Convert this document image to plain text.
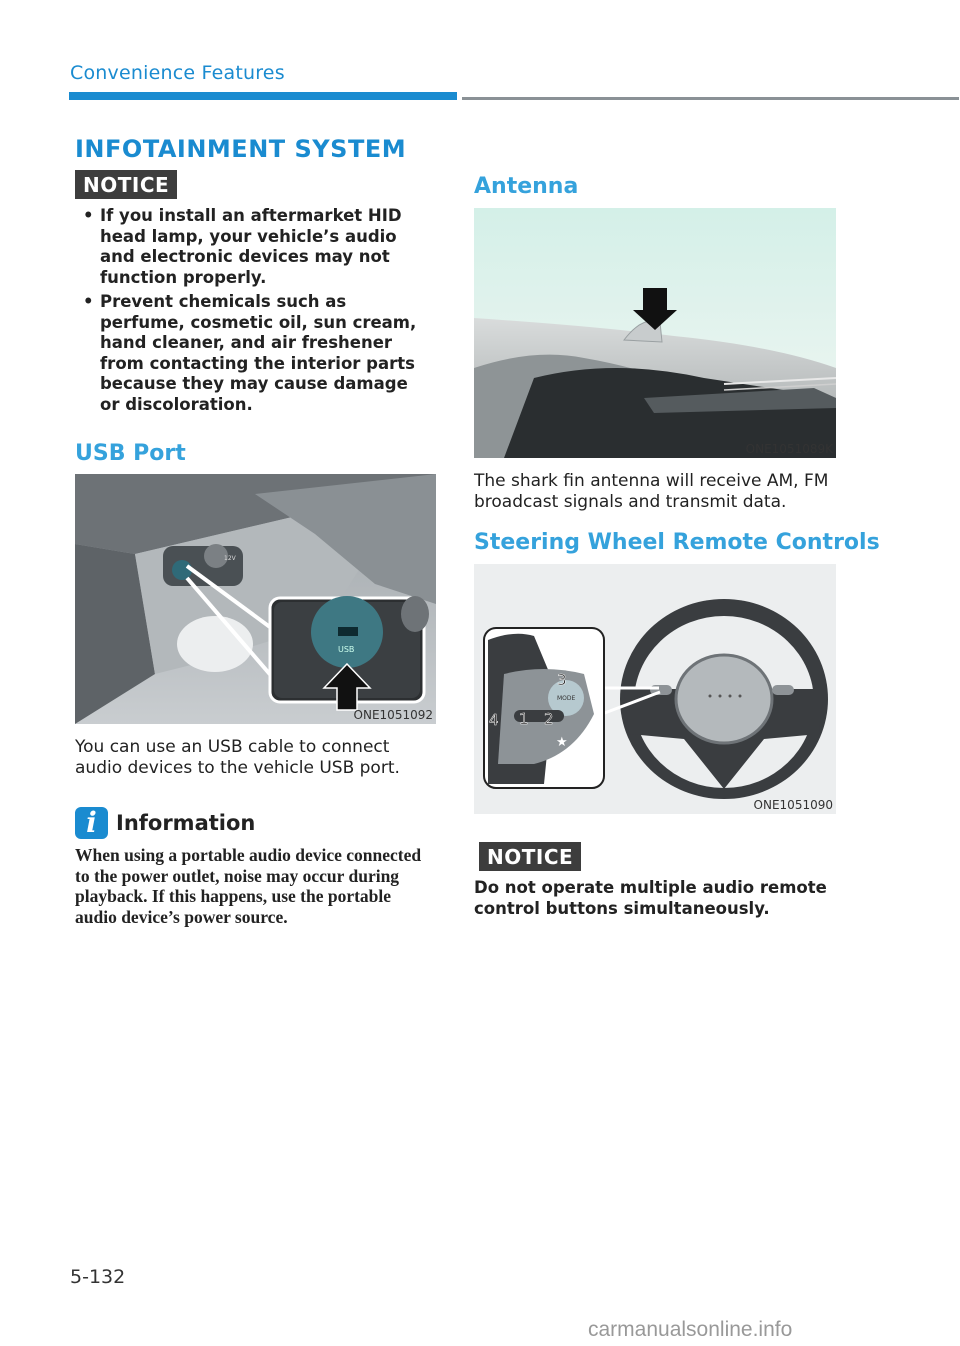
Convenience Features
INFOTAINMENT SYSTEM
NOTICE
• If you install an aftermarket HID head lamp, your vehicle’s audio and electronic devices may not function properly.
• Prevent chemicals such as perfume, cosmetic oil, sun cream, hand cleaner, and air freshener from contacting the interior parts because they may cause damage or discoloration.
USB Port
12V
USB
ONE1051092
You can use an USB cable to connect audio devices to the vehicle USB port.
i Information
When using a portable audio device connected to the power outlet, noise may occur during playback. If this happens, use the portable audio device’s power source.
Antenna
ONE1051089K
The shark fin antenna will receive AM, FM broadcast signals and transmit data.
Steering Wheel Remote Controls
MODE
3
1 2
4
★
ONE1051090
NOTICE
Do not operate multiple audio remote control buttons simultaneously.
5-132
carmanualsonline.info
